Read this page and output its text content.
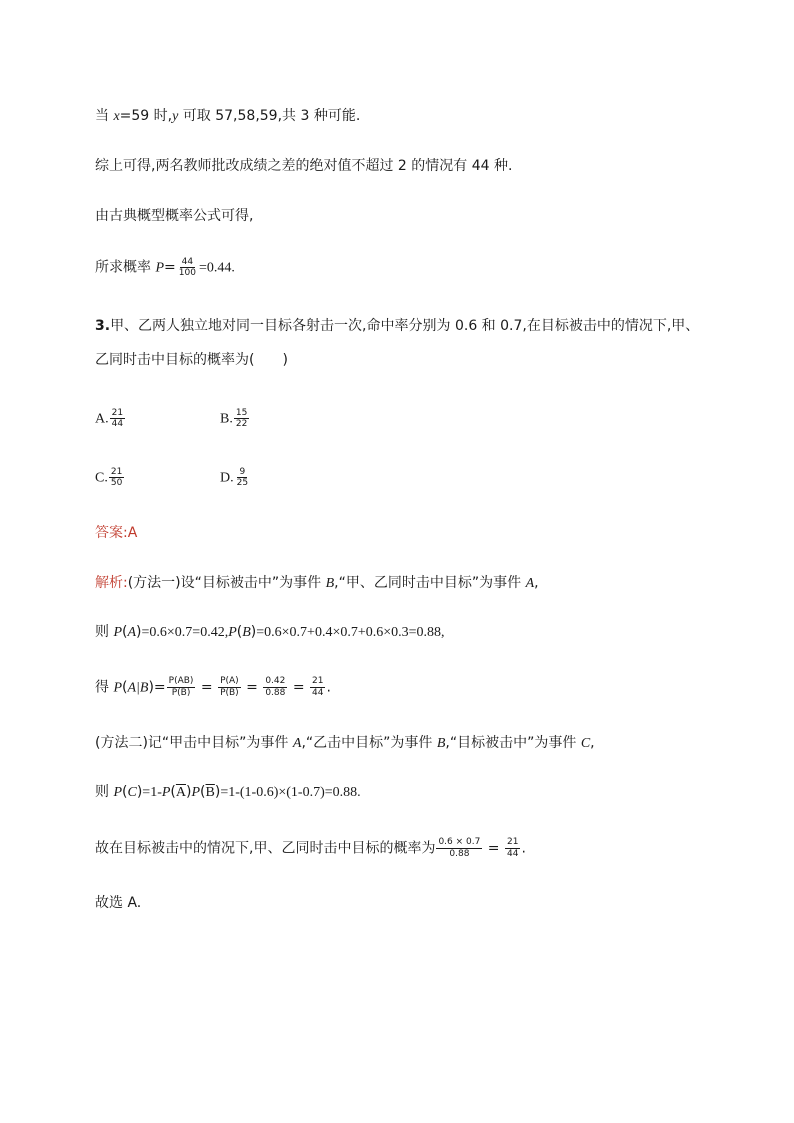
当 x=59 时,y 可取 57,58,59,共 3 种可能.
综上可得,两名教师批改成绩之差的绝对值不超过 2 的情况有 44 种.
由古典概型概率公式可得,
所求概率 $P= \frac{44}{100} =0.44$.
3.甲、乙两人独立地对同一目标各射击一次,命中率分别为 0.6 和 0.7,在目标被击中的情况下,甲、
乙同时击中目标的概率为(　　)
A. $\frac{21}{44}$	B. $\frac{15}{22}$
C. $\frac{21}{50}$	D. $\frac{9}{25}$
答案:A
解析:(方法一)设“目标被击中”为事件 B,“甲、乙同时击中目标”为事件 A,
则 P(A)=0.6×0.7=0.42,P(B)=0.6×0.7+0.4×0.7+0.6×0.3=0.88,
得 $P(A|B)= \frac{P(AB)}{P(B)} = \frac{P(A)}{P(B)} = \frac{0.42}{0.88} = \frac{21}{44}$ .
(方法二)记“甲击中目标”为事件 A,“乙击中目标”为事件 B,“目标被击中”为事件 C,
则 $P(C)=1-P(\overline{A})P(\overline{B})=1-(1-0.6)\times(1-0.7)=0.88$.
故在目标被击中的情况下,甲、乙同时击中目标的概率为 $\frac{0.6 \times 0.7}{0.88} = \frac{21}{44}$ .
故选 A.
